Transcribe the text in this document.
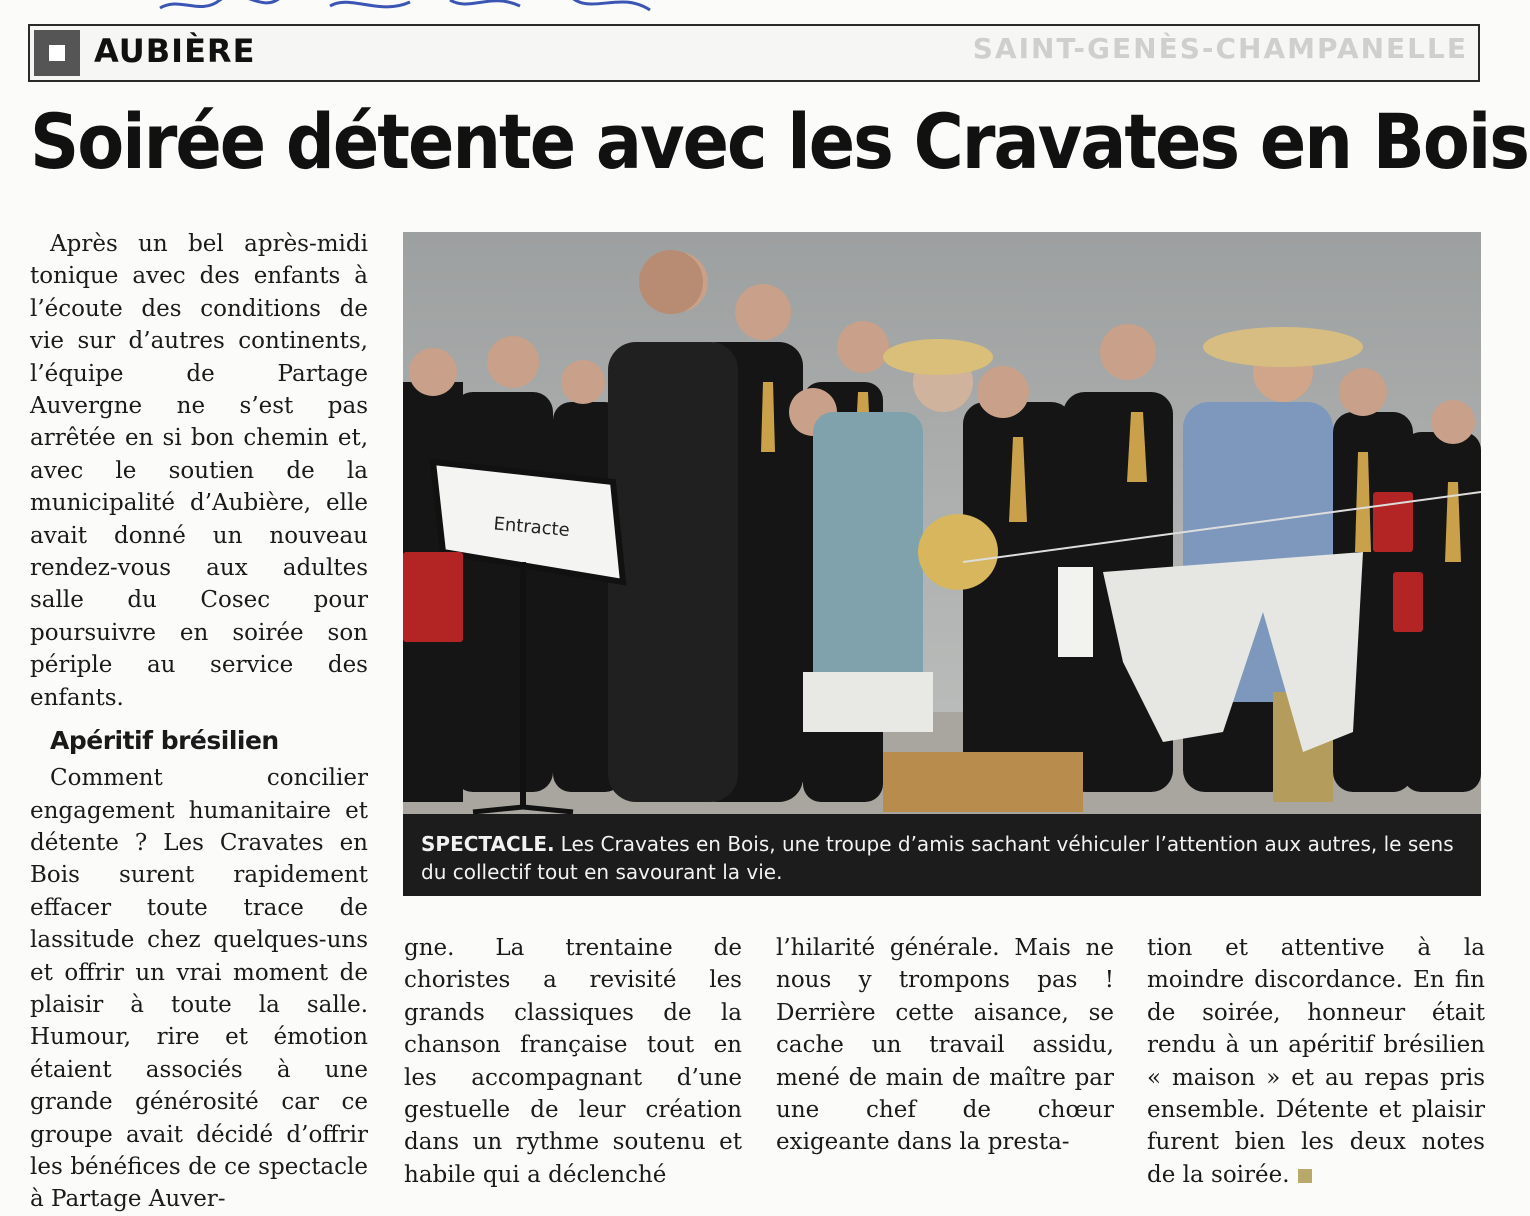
AUBIÈRE	SAINT-GENÈS-CHAMPANELLE
Soirée détente avec les Cravates en Bois

Après un bel après-midi tonique avec des enfants à l’écoute des conditions de vie sur d’autres continents, l’équipe de Partage Auvergne ne s’est pas arrêtée en si bon chemin et, avec le soutien de la municipalité d’Aubière, elle avait donné un nouveau rendez-vous aux adultes salle du Cosec pour poursuivre en soirée son périple au service des enfants.

Apéritif brésilien

Comment concilier engagement humanitaire et détente ? Les Cravates en Bois surent rapidement effacer toute trace de lassitude chez quelques-uns et offrir un vrai moment de plaisir à toute la salle. Humour, rire et émotion étaient associés à une grande générosité car ce groupe avait décidé d’offrir les bénéfices de ce spectacle à Partage Auver-

Entracte
SPECTACLE. Les Cravates en Bois, une troupe d’amis sachant véhiculer l’attention aux autres, le sens du collectif tout en savourant la vie.

gne. La trentaine de choristes a revisité les grands classiques de la chanson française tout en les accompagnant d’une gestuelle de leur création dans un rythme soutenu et habile qui a déclenché

l’hilarité générale. Mais ne nous y trompons pas ! Derrière cette aisance, se cache un travail assidu, mené de main de maître par une chef de chœur exigeante dans la presta-

tion et attentive à la moindre discordance. En fin de soirée, honneur était rendu à un apéritif brésilien « maison » et au repas pris ensemble. Détente et plaisir furent bien les deux notes de la soirée.
